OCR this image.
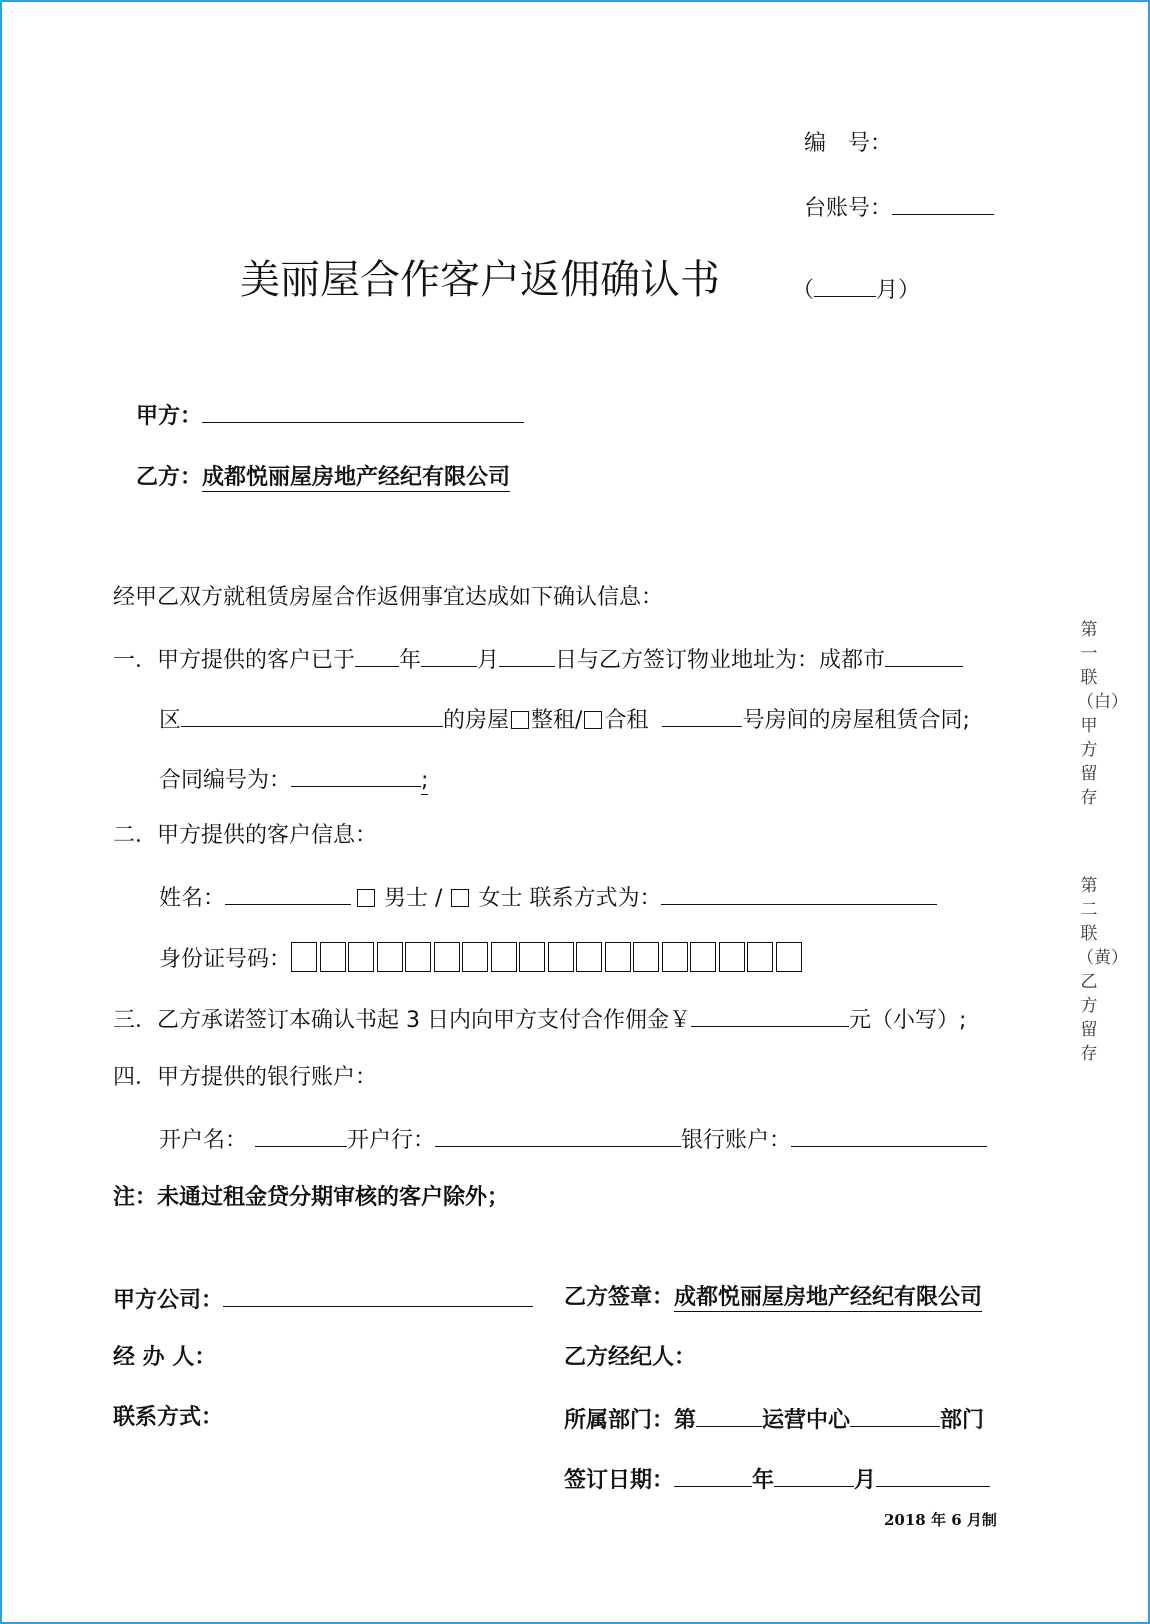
编　号：
台账号：
美丽屋合作客户返佣确认书	（	月）
甲方：
乙方：成都悦丽屋房地产经纪有限公司
经甲乙双方就租赁房屋合作返佣事宜达成如下确认信息：
一．甲方提供的客户已于 年	月	日与乙方签订物业地址为：成都市
区	的房屋 整租/ 合租	号房间的房屋租赁合同;
合同编号为：	;
二．甲方提供的客户信息：
姓名：	男士 / 女士 联系方式为：
身份证号码：
三．乙方承诺签订本确认书起 3 日内向甲方支付合作佣金￥	元（小写）;
四．甲方提供的银行账户：
开户名：	开户行：	银行账户：
注：未通过租金贷分期审核的客户除外；
甲方公司：
经 办 人：
联系方式：
乙方签章：成都悦丽屋房地产经纪有限公司
乙方经纪人：
所属部门：第	运营中心	部门
签订日期：	年	月
2018 年 6 月制
第一联（白）甲方留存
第二联（黄）乙方留存
